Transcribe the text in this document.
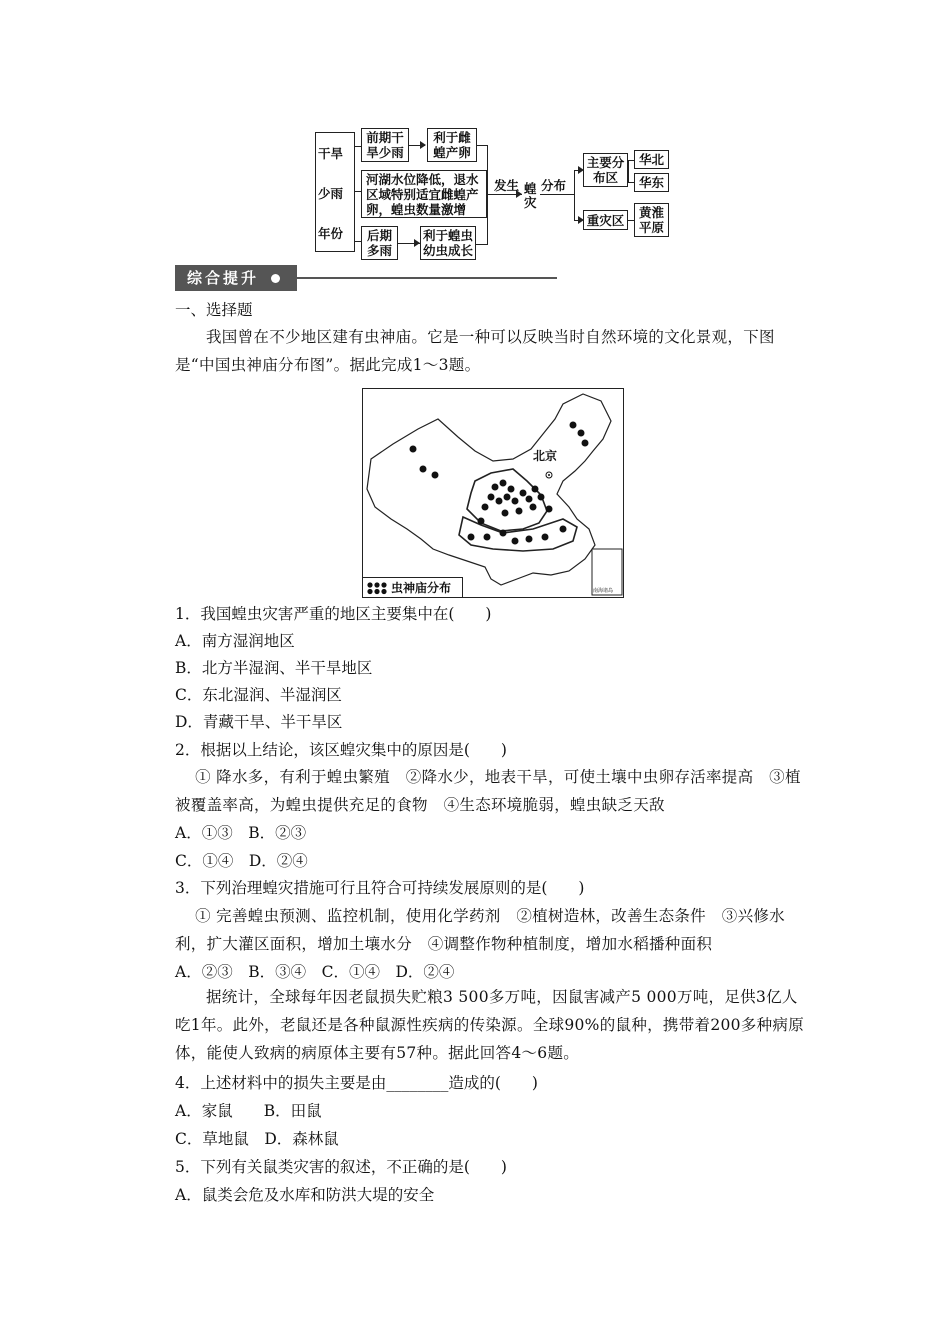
干旱
少雨
年份
前期干旱少雨
利于雌蝗产卵
河湖水位降低，退水区域特别适宜雌蝗产卵，蝗虫数量激增
后期多雨
利于蝗虫幼虫成长
发生 蝗灾
分布
主要分布区
华北
华东
重灾区	黄淮平原
综合提升
一、选择题
我国曾在不少地区建有虫神庙。它是一种可以反映当时自然环境的文化景观，下图是“中国虫神庙分布图”。据此完成1～3题。
北京
南海诸岛
虫神庙分布
1．我国蝗虫灾害严重的地区主要集中在(　　)
A．南方湿润地区
B．北方半湿润、半干旱地区
C．东北湿润、半湿润区
D．青藏干旱、半干旱区
2．根据以上结论，该区蝗灾集中的原因是(　　)
① 降水多，有利于蝗虫繁殖　②降水少，地表干旱，可使土壤中虫卵存活率提高　③植被覆盖率高，为蝗虫提供充足的食物　④生态环境脆弱，蝗虫缺乏天敌
A．①③　B．②③
C．①④　D．②④
3．下列治理蝗灾措施可行且符合可持续发展原则的是(　　)
① 完善蝗虫预测、监控机制，使用化学药剂　②植树造林，改善生态条件　③兴修水利，扩大灌区面积，增加土壤水分　④调整作物种植制度，增加水稻播种面积
A．②③　B．③④　C．①④　D．②④
据统计，全球每年因老鼠损失贮粮3 500多万吨，因鼠害减产5 000万吨，足供3亿人吃1年。此外，老鼠还是各种鼠源性疾病的传染源。全球90%的鼠种，携带着200多种病原体，能使人致病的病原体主要有57种。据此回答4～6题。
4．上述材料中的损失主要是由________造成的(　　)
A．家鼠　　B．田鼠
C．草地鼠　D．森林鼠
5．下列有关鼠类灾害的叙述，不正确的是(　　)
A．鼠类会危及水库和防洪大堤的安全
